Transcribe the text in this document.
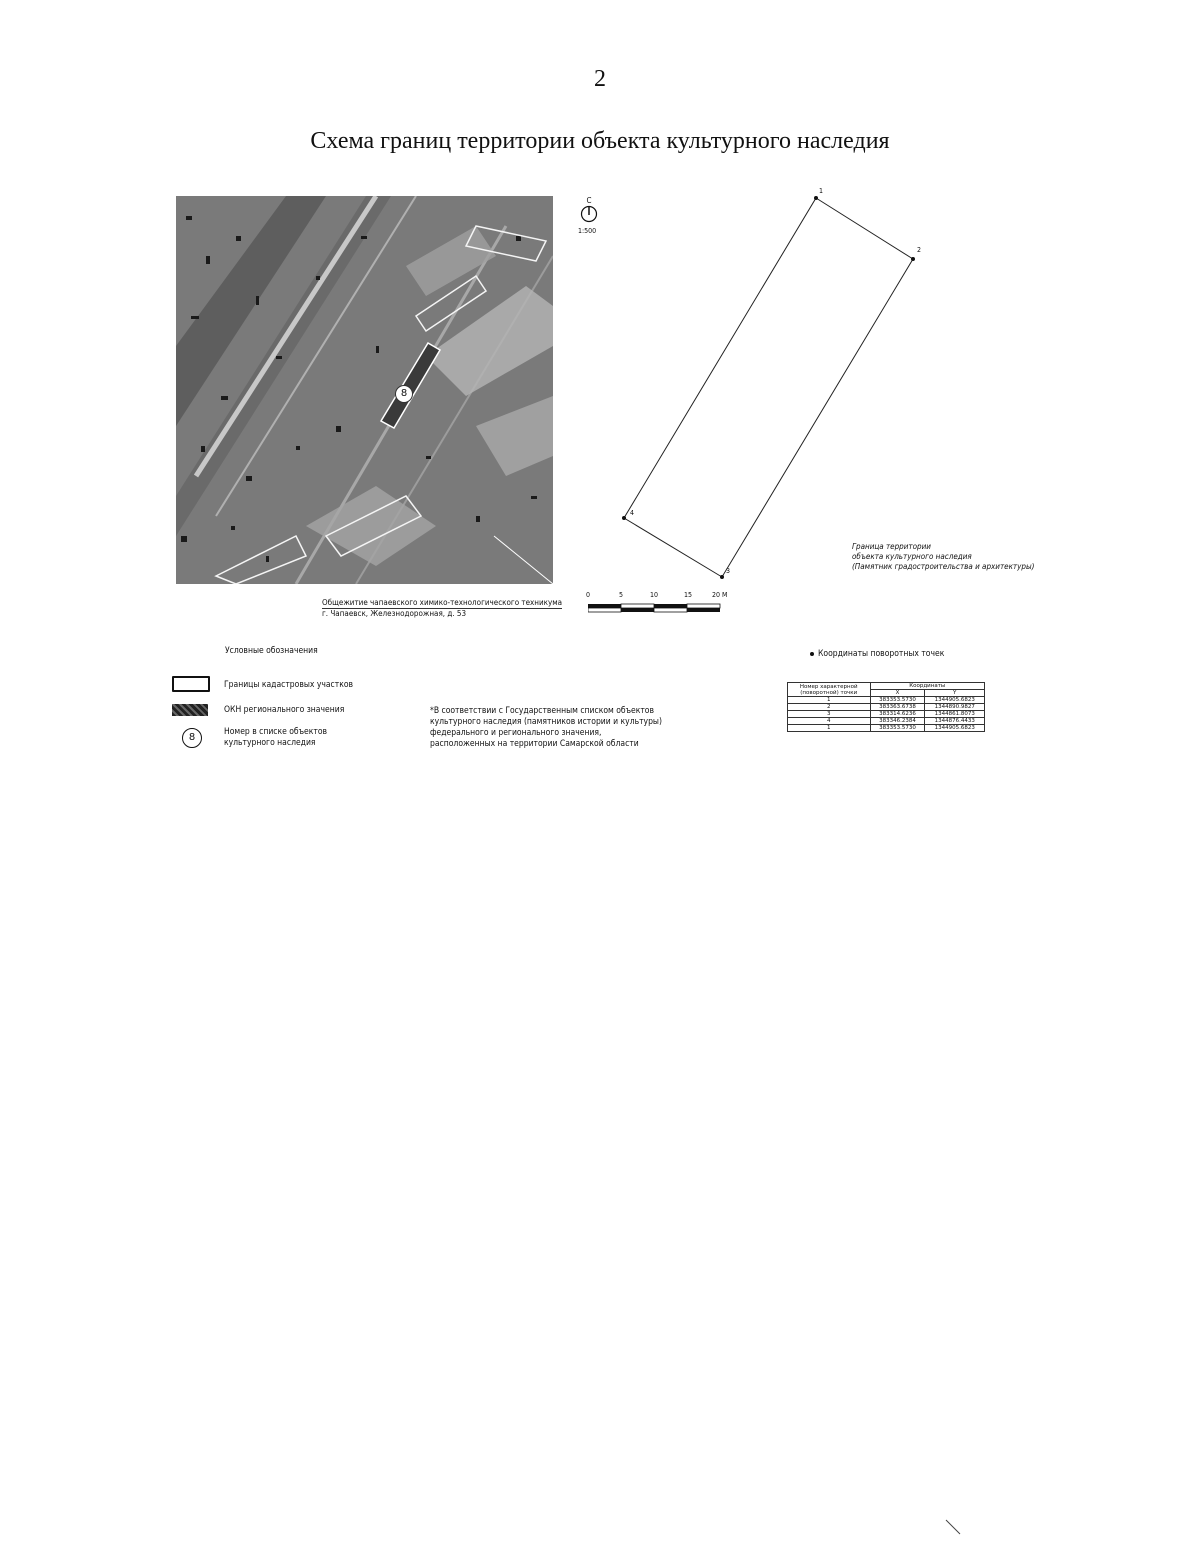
2
Схема границ территории объекта культурного наследия
8
С
1:500
1
2
3
4
Граница территории
объекта культурного наследия
(Памятник градостроительства и архитектуры)
Общежитие чапаевского химико-технологического техникума
г. Чапаевск, Железнодорожная, д. 53
0	5	10	15	20 М
Условные обозначения
Границы кадастровых участков
ОКН регионального значения
8	Номер в списке объектов
культурного наследия
*В соответствии с Государственным списком объектов
культурного наследия (памятников истории и культуры)
федерального и регионального значения,
расположенных на территории Самарской области
Координаты поворотных точек
Номер характерной
(поворотной) точки	Координаты	
	X	Y
1	383353.5730	1344905.6823
2	383363.6738	1344890.9827
3	383314.6236	1344861.8073
4	383346.2384	1344876.4433
1	383353.5730	1344905.6823
